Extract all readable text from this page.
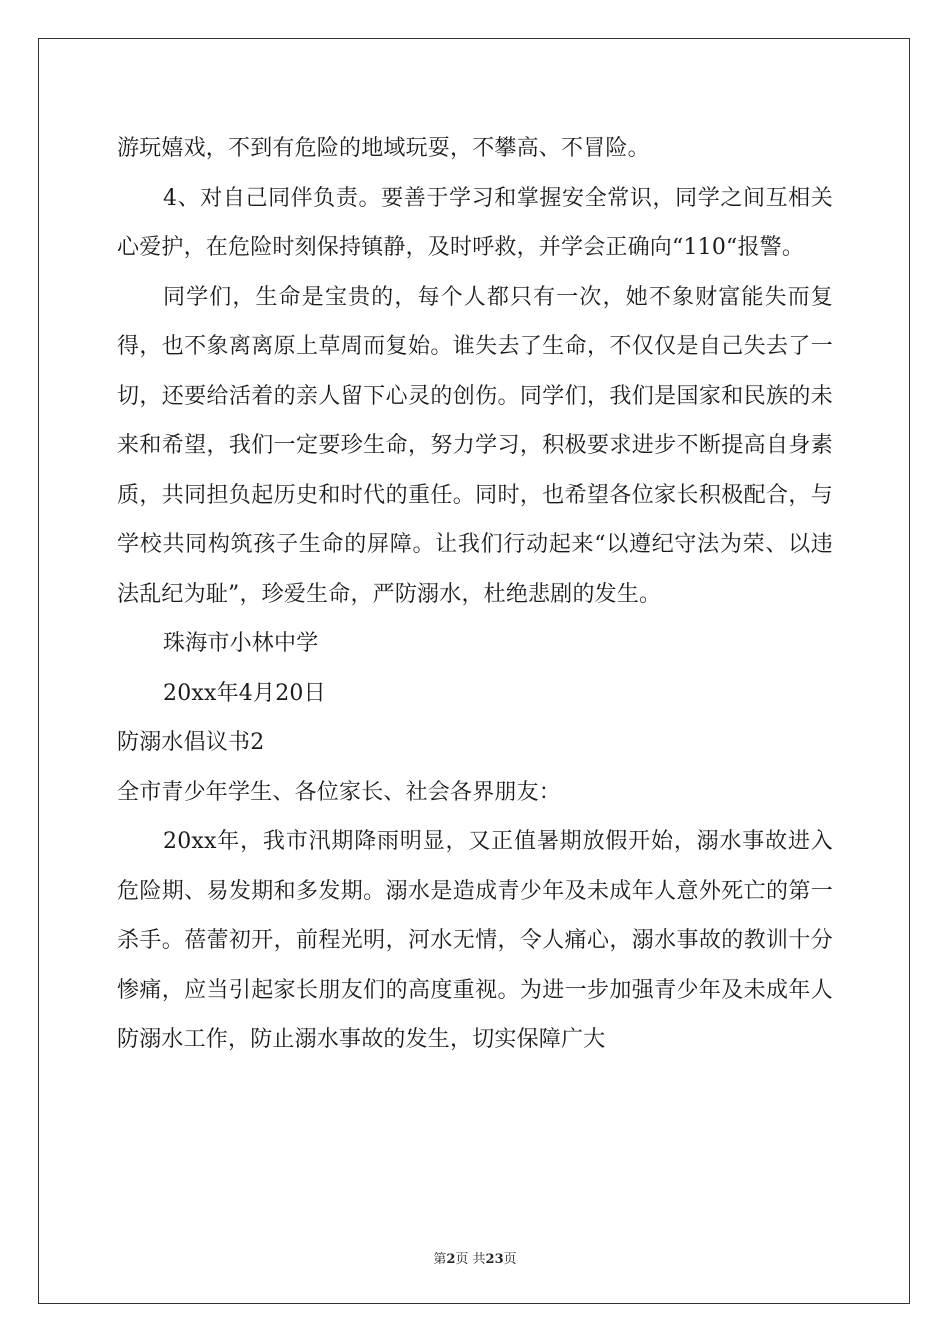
游玩嬉戏，不到有危险的地域玩耍，不攀高、不冒险。

4、对自己同伴负责。要善于学习和掌握安全常识，同学之间互相关心爱护，在危险时刻保持镇静，及时呼救，并学会正确向“110“报警。

同学们，生命是宝贵的，每个人都只有一次，她不象财富能失而复得，也不象离离原上草周而复始。谁失去了生命，不仅仅是自己失去了一切，还要给活着的亲人留下心灵的创伤。同学们，我们是国家和民族的未来和希望，我们一定要珍生命，努力学习，积极要求进步不断提高自身素质，共同担负起历史和时代的重任。同时，也希望各位家长积极配合，与学校共同构筑孩子生命的屏障。让我们行动起来“以遵纪守法为荣、以违法乱纪为耻”，珍爱生命，严防溺水，杜绝悲剧的发生。

珠海市小林中学

20xx年4月20日

防溺水倡议书2

全市青少年学生、各位家长、社会各界朋友：

20xx年，我市汛期降雨明显，又正值暑期放假开始，溺水事故进入危险期、易发期和多发期。溺水是造成青少年及未成年人意外死亡的第一杀手。蓓蕾初开，前程光明，河水无情，令人痛心，溺水事故的教训十分惨痛，应当引起家长朋友们的高度重视。为进一步加强青少年及未成年人防溺水工作，防止溺水事故的发生，切实保障广大

第2页 共23页
